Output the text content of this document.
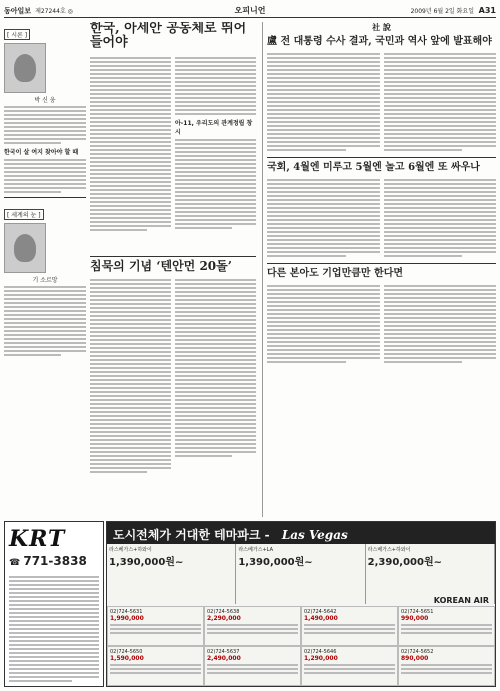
동아일보 제27244호 ◎	오피니언	2009년 6월 2일 화요일 A31
[ 시론 ]
박 신 웅
한국이 살 여지 찾아야 할 때
[ 세계의 눈 ]
기 소르망
한국, 아세안 공동체로 뛰어들어야
아-11, 우리도의 관계정립 창시
침묵의 기념 ‘텐안먼 20돌’
社 說
盧 전 대통령 수사 결과, 국민과 역사 앞에 발표해야
국회, 4월엔 미루고 5월엔 놀고 6월엔 또 싸우나
다른 본아도 기업만큼만 한다면
KRT
☎ 771-3838
도시전체가 거대한 테마파크 - Las Vegas
라스베가스+하와이
1,390,000원~
라스베가스+LA
1,390,000원~
라스베가스+하와이
2,390,000원~
KOREAN AIR
02)724-5631
1,990,000
02)724-5638
2,290,000
02)724-5642
1,490,000
02)724-5651
990,000
02)724-5650
1,590,000
02)724-5637
2,490,000
02)724-5646
1,290,000
02)724-5652
890,000
